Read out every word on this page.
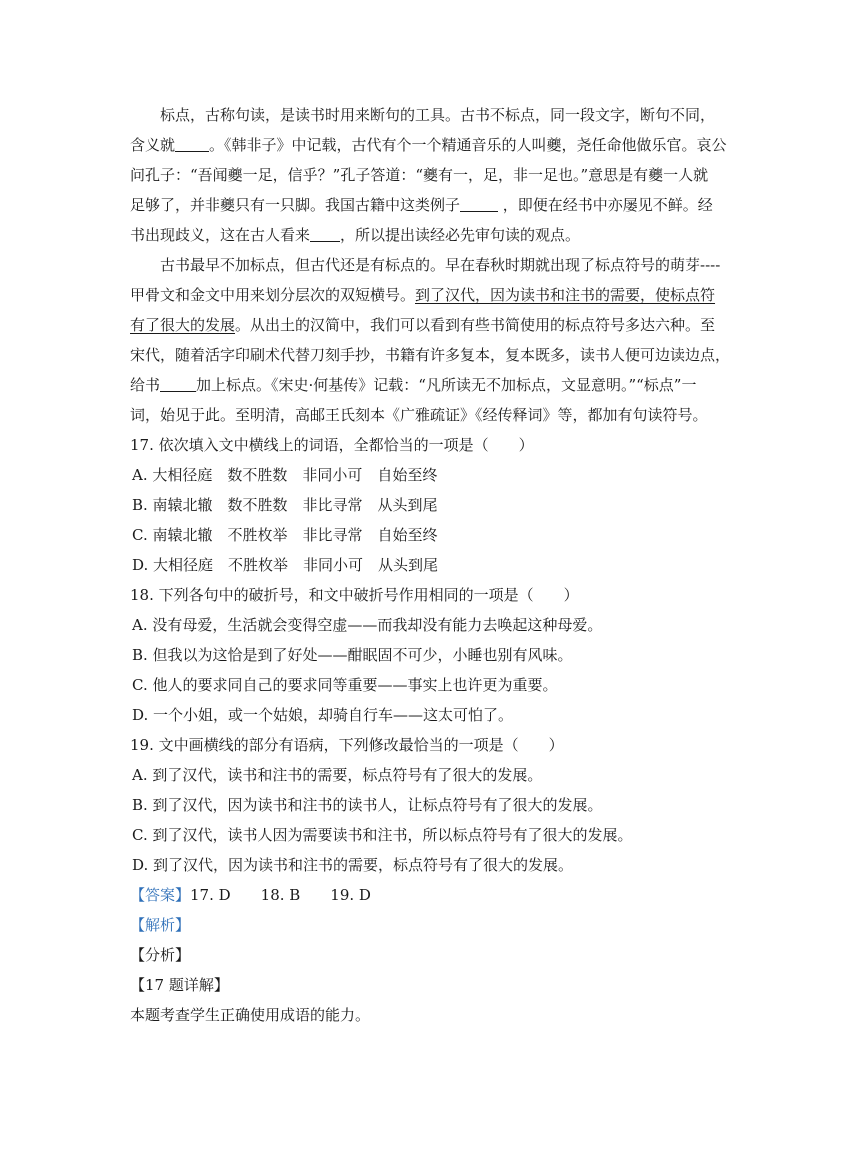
标点，古称句读，是读书时用来断句的工具。古书不标点，同一段文字，断句不同，
含义就 。《韩非子》中记载，古代有个一个精通音乐的人叫夔，尧任命他做乐官。哀公
问孔子：“吾闻夔一足，信乎？”孔子答道：“夔有一，足，非一足也。”意思是有夔一人就
足够了，并非夔只有一只脚。我国古籍中这类例子	，即便在经书中亦屡见不鲜。经
书出现歧义，这在古人看来 ，所以提出读经必先审句读的观点。
古书最早不加标点，但古代还是有标点的。早在春秋时期就出现了标点符号的萌芽----
甲骨文和金文中用来划分层次的双短横号。到了汉代，因为读书和注书的需要，使标点符
有了很大的发展。从出土的汉简中，我们可以看到有些书简使用的标点符号多达六种。至
宋代，随着活字印刷术代替刀刻手抄，书籍有许多复本，复本既多，读书人便可边读边点，
给书 加上标点。《宋史·何基传》记载：“凡所读无不加标点，文显意明。”“标点”一
词，始见于此。至明清，高邮王氏刻本《广雅疏证》《经传释词》等，都加有句读符号。
17. 依次填入文中横线上的词语，全都恰当的一项是（　　）
A. 大相径庭　数不胜数　非同小可　自始至终
B. 南辕北辙　数不胜数　非比寻常　从头到尾
C. 南辕北辙　不胜枚举　非比寻常　自始至终
D. 大相径庭　不胜枚举　非同小可　从头到尾
18. 下列各句中的破折号，和文中破折号作用相同的一项是（　　）
A. 没有母爱，生活就会变得空虚——而我却没有能力去唤起这种母爱。
B. 但我以为这恰是到了好处——酣眠固不可少，小睡也别有风味。
C. 他人的要求同自己的要求同等重要——事实上也许更为重要。
D. 一个小姐，或一个姑娘，却骑自行车——这太可怕了。
19. 文中画横线的部分有语病，下列修改最恰当的一项是（　　）
A. 到了汉代，读书和注书的需要，标点符号有了很大的发展。
B. 到了汉代，因为读书和注书的读书人，让标点符号有了很大的发展。
C. 到了汉代，读书人因为需要读书和注书，所以标点符号有了很大的发展。
D. 到了汉代，因为读书和注书的需要，标点符号有了很大的发展。
【答案】17. D　　18. B　　19. D
【解析】
【分析】
【17 题详解】
本题考查学生正确使用成语的能力。
